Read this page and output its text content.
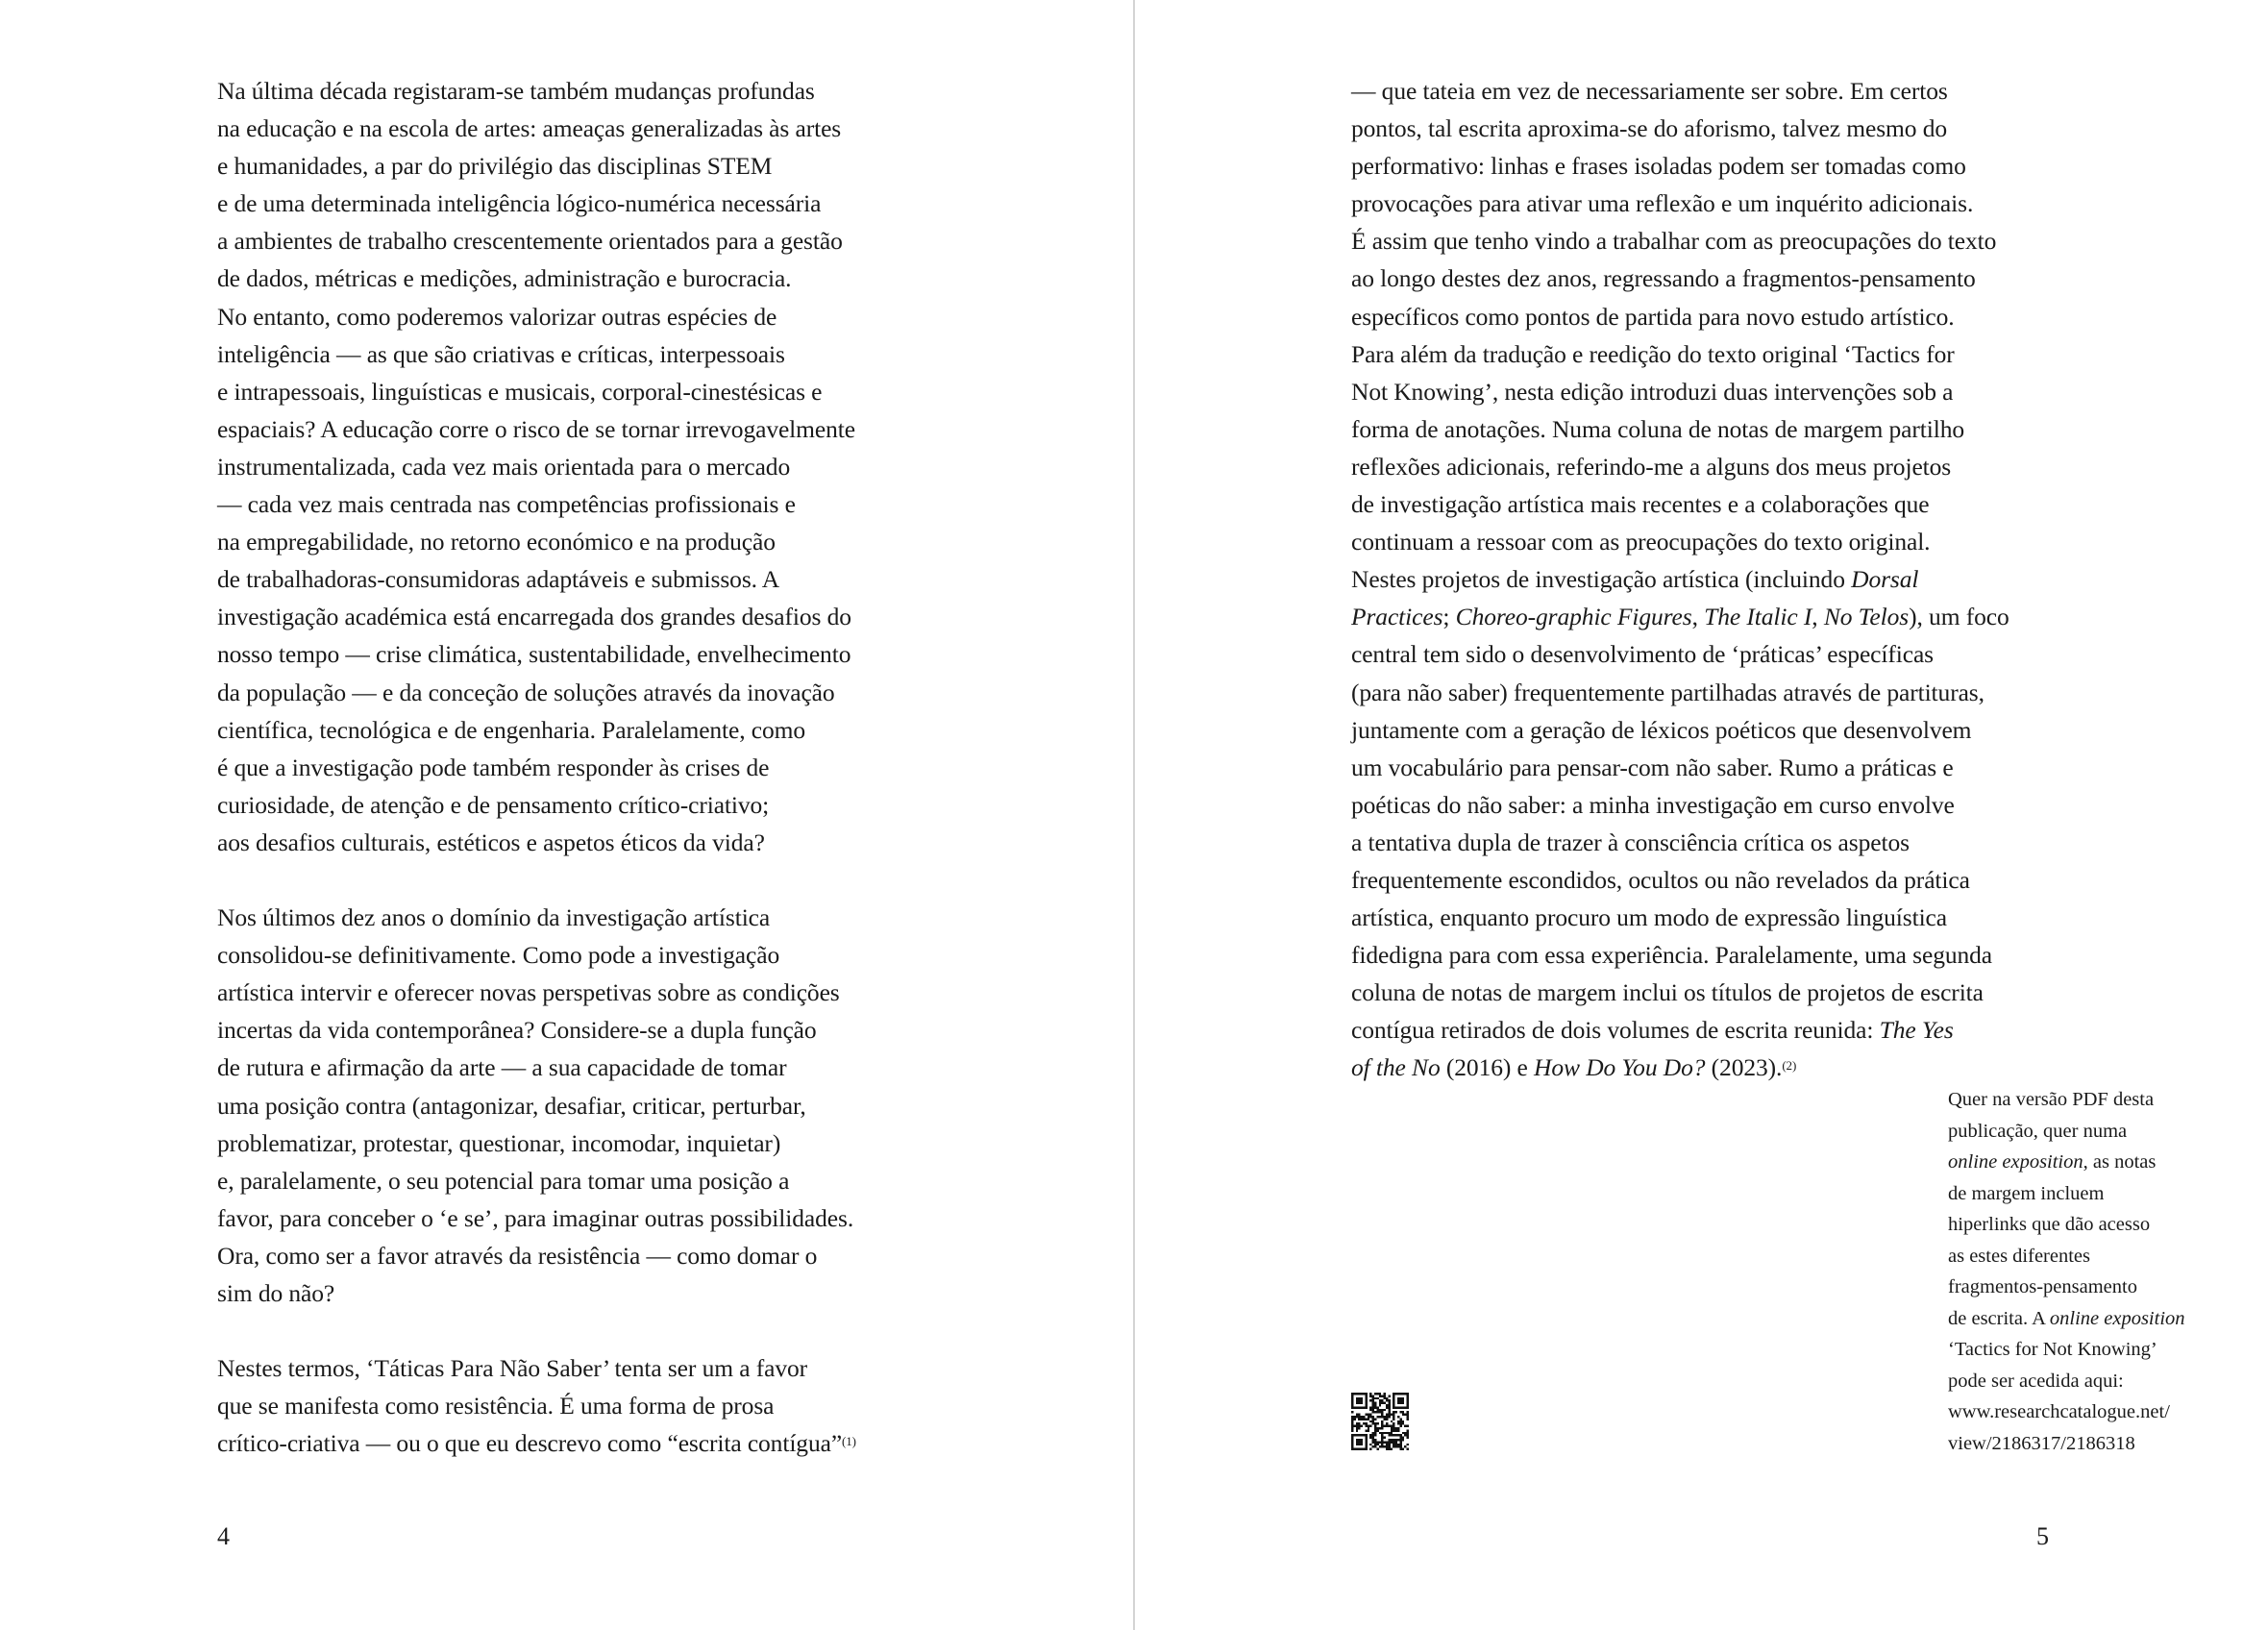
Na última década registaram-se também mudanças profundas
na educação e na escola de artes: ameaças generalizadas às artes
e humanidades, a par do privilégio das disciplinas STEM
e de uma determinada inteligência lógico-numérica necessária
a ambientes de trabalho crescentemente orientados para a gestão
de dados, métricas e medições, administração e burocracia.
No entanto, como poderemos valorizar outras espécies de
inteligência — as que são criativas e críticas, interpessoais
e intrapessoais, linguísticas e musicais, corporal-cinestésicas e
espaciais? A educação corre o risco de se tornar irrevogavelmente
instrumentalizada, cada vez mais orientada para o mercado
— cada vez mais centrada nas competências profissionais e
na empregabilidade, no retorno económico e na produção
de trabalhadoras-consumidoras adaptáveis e submissos. A
investigação académica está encarregada dos grandes desafios do
nosso tempo — crise climática, sustentabilidade, envelhecimento
da população — e da conceção de soluções através da inovação
científica, tecnológica e de engenharia. Paralelamente, como
é que a investigação pode também responder às crises de
curiosidade, de atenção e de pensamento crítico-criativo;
aos desafios culturais, estéticos e aspetos éticos da vida?

Nos últimos dez anos o domínio da investigação artística
consolidou-se definitivamente. Como pode a investigação
artística intervir e oferecer novas perspetivas sobre as condições
incertas da vida contemporânea? Considere-se a dupla função
de rutura e afirmação da arte — a sua capacidade de tomar
uma posição contra (antagonizar, desafiar, criticar, perturbar,
problematizar, protestar, questionar, incomodar, inquietar)
e, paralelamente, o seu potencial para tomar uma posição a
favor, para conceber o ‘e se’, para imaginar outras possibilidades.
Ora, como ser a favor através da resistência — como domar o
sim do não?

Nestes termos, ‘Táticas Para Não Saber’ tenta ser um a favor
que se manifesta como resistência. É uma forma de prosa
crítico-criativa — ou o que eu descrevo como “escrita contígua”$^{(1)}$
4
— que tateia em vez de necessariamente ser sobre. Em certos
pontos, tal escrita aproxima-se do aforismo, talvez mesmo do
performativo: linhas e frases isoladas podem ser tomadas como
provocações para ativar uma reflexão e um inquérito adicionais.
É assim que tenho vindo a trabalhar com as preocupações do texto
ao longo destes dez anos, regressando a fragmentos-pensamento
específicos como pontos de partida para novo estudo artístico.
Para além da tradução e reedição do texto original ‘Tactics for
Not Knowing’, nesta edição introduzi duas intervenções sob a
forma de anotações. Numa coluna de notas de margem partilho
reflexões adicionais, referindo-me a alguns dos meus projetos
de investigação artística mais recentes e a colaborações que
continuam a ressoar com as preocupações do texto original.
Nestes projetos de investigação artística (incluindo Dorsal
Practices; Choreo-graphic Figures, The Italic I, No Telos), um foco
central tem sido o desenvolvimento de ‘práticas’ específicas
(para não saber) frequentemente partilhadas através de partituras,
juntamente com a geração de léxicos poéticos que desenvolvem
um vocabulário para pensar-com não saber. Rumo a práticas e
poéticas do não saber: a minha investigação em curso envolve
a tentativa dupla de trazer à consciência crítica os aspetos
frequentemente escondidos, ocultos ou não revelados da prática
artística, enquanto procuro um modo de expressão linguística
fidedigna para com essa experiência. Paralelamente, uma segunda
coluna de notas de margem inclui os títulos de projetos de escrita
contígua retirados de dois volumes de escrita reunida: The Yes
of the No (2016) e How Do You Do? (2023).$^{(2)}$
Quer na versão PDF desta
publicação, quer numa
online exposition, as notas
de margem incluem
hiperlinks que dão acesso
as estes diferentes
fragmentos-pensamento
de escrita. A online exposition
‘Tactics for Not Knowing’
pode ser acedida aqui:
www.researchcatalogue.net/
view/2186317/2186318
5
